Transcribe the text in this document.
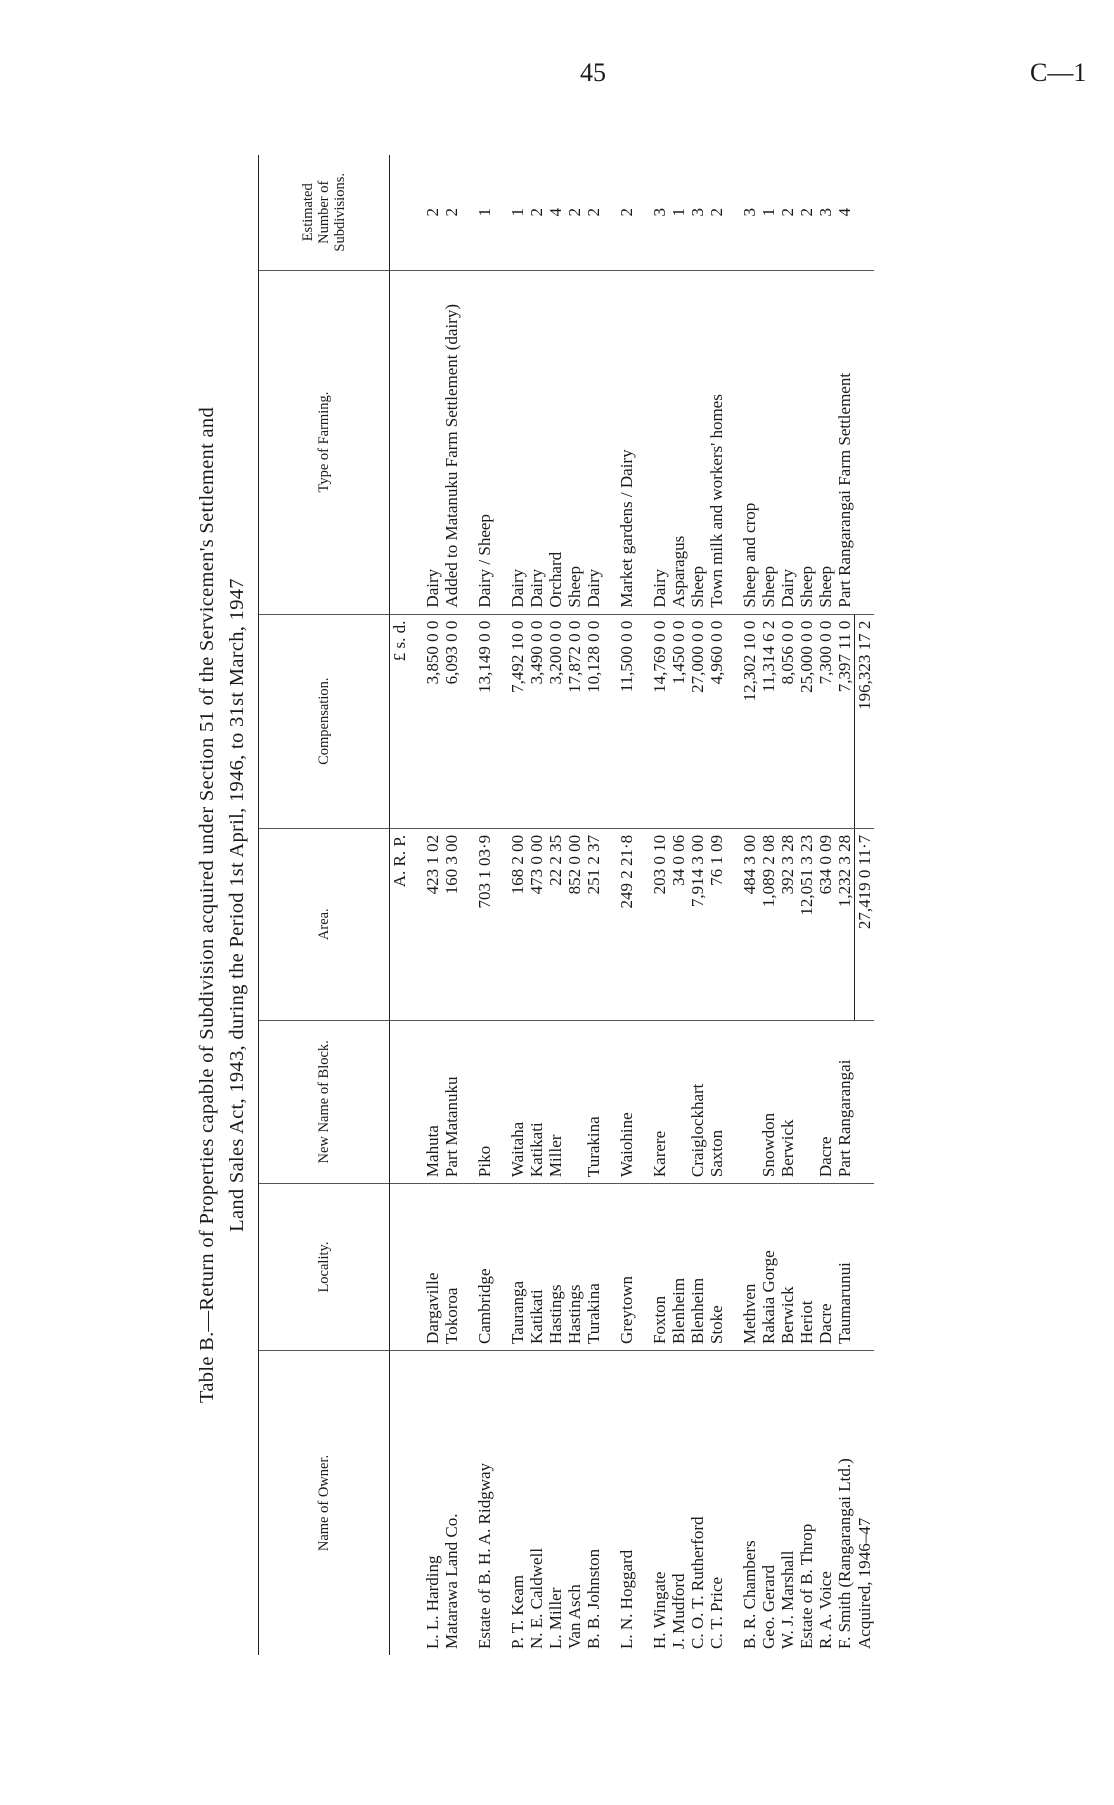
45	C—1
Table B.—Return of Properties capable of Subdivision acquired under Section 51 of the Servicemen's Settlement and Land Sales Act, 1943, during the Period 1st April, 1946, to 31st March, 1947
Name of Owner.	Locality.	New Name of Block.	Area.	Compensation.	Type of Farming.	Estimated Number of Subdivisions.
			A. R. P.	£ s. d.		

L. L. Harding	Dargaville	Mahuta	423 1 02	3,850 0 0	Dairy	2
Matarawa Land Co.	Tokoroa	Part Matanuku	160 3 00	6,093 0 0	Added to Matanuku Farm Settlement (dairy)	2

Estate of B. H. A. Ridgway	Cambridge	Piko	703 1 03·9	13,149 0 0	Dairy / Sheep	1

P. T. Keam	Tauranga	Waitaha	168 2 00	7,492 10 0	Dairy	1
N. E. Caldwell	Katikati	Katikati	473 0 00	3,490 0 0	Dairy	2
L. Miller	Hastings	Miller	22 2 35	3,200 0 0	Orchard	4
Van Asch	Hastings		852 0 00	17,872 0 0	Sheep	2
B. B. Johnston	Turakina	Turakina	251 2 37	10,128 0 0	Dairy	2

L. N. Hoggard	Greytown	Waiohine	249 2 21·8	11,500 0 0	Market gardens / Dairy	2

H. Wingate	Foxton	Karere	203 0 10	14,769 0 0	Dairy	3
J. Mudford	Blenheim		34 0 06	1,450 0 0	Asparagus	1
C. O. T. Rutherford	Blenheim	Craiglockhart	7,914 3 00	27,000 0 0	Sheep	3
C. T. Price	Stoke	Saxton	76 1 09	4,960 0 0	Town milk and workers' homes	2

B. R. Chambers	Methven		484 3 00	12,302 10 0	Sheep and crop	3
Geo. Gerard	Rakaia Gorge	Snowdon	1,089 2 08	11,314 6 2	Sheep	1
W. J. Marshall	Berwick	Berwick	392 3 28	8,056 0 0	Dairy	2
Estate of B. Throp	Heriot		12,051 3 23	25,000 0 0	Sheep	2
R. A. Voice	Dacre	Dacre	634 0 09	7,300 0 0	Sheep	3
F. Smith (Rangarangai Ltd.)	Taumarunui	Part Rangarangai	1,232 3 28	7,397 11 0	Part Rangarangai Farm Settlement	4
Acquired, 1946–47			27,419 0 11·7	196,323 17 2		
